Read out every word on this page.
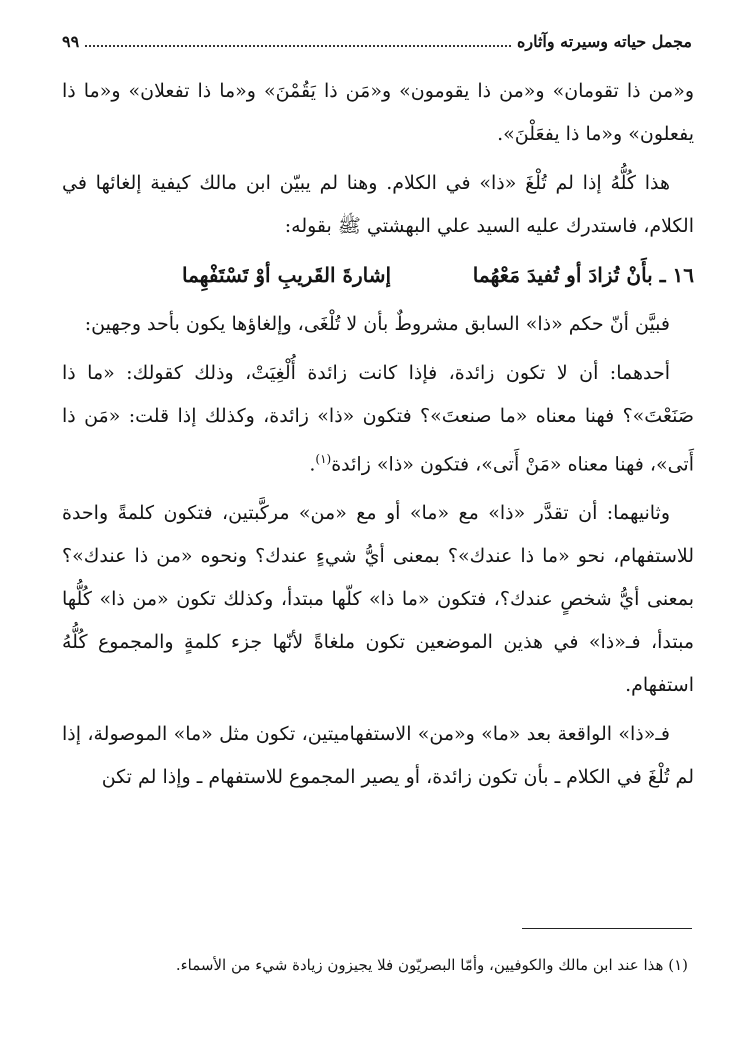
مجمل حياته وسيرته وآثاره
٩٩

و«من ذا تقومان» و«من ذا يقومون» و«مَن ذا يَقُمْنَ» و«ما ذا تفعلان» و«ما ذا يفعلون» و«ما ذا يفعَلْنَ».

هذا كُلُّهُ إذا لم تُلْغَ «ذا» في الكلام. وهنا لم يبيّن ابن مالك كيفية إلغائها في الكلام، فاستدرك عليه السيد علي البهشتي ﷺ بقوله:

١٦ ـ بأَنْ تُزادَ أو تُفيدَ مَعْهُما
إشارةَ القَريبِ أوْ تَسْتَفْهِما

فبيَّن أنّ حكم «ذا» السابق مشروطٌ بأن لا تُلْغَى، وإلغاؤها يكون بأحد وجهين:

أحدهما: أن لا تكون زائدة، فإذا كانت زائدة أُلْغِيَتْ، وذلك كقولك: «ما ذا صَنَعْتَ»؟ فهنا معناه «ما صنعتَ»؟ فتكون «ذا» زائدة، وكذلك إذا قلت: «مَن ذا أَتى»، فهنا معناه «مَنْ أَتى»، فتكون «ذا» زائدة$^{(١)}$.

وثانيهما: أن تقدَّر «ذا» مع «ما» أو مع «من» مركَّبتين، فتكون كلمةً واحدة للاستفهام، نحو «ما ذا عندك»؟ بمعنى أيُّ شيءٍ عندك؟ ونحوه «من ذا عندك»؟ بمعنى أيُّ شخصٍ عندك؟، فتكون «ما ذا» كلّها مبتدأ، وكذلك تكون «من ذا» كُلُّها مبتدأ، فـ«ذا» في هذين الموضعين تكون ملغاةً لأنّها جزء كلمةٍ والمجموع كُلُّهُ استفهام.

فـ«ذا» الواقعة بعد «ما» و«من» الاستفهاميتين، تكون مثل «ما» الموصولة، إذا لم تُلْغَ في الكلام ـ بأن تكون زائدة، أو يصير المجموع للاستفهام ـ وإذا لم تكن

(١) هذا عند ابن مالك والكوفيين، وأمّا البصريّون فلا يجيزون زيادة شيء من الأسماء.
